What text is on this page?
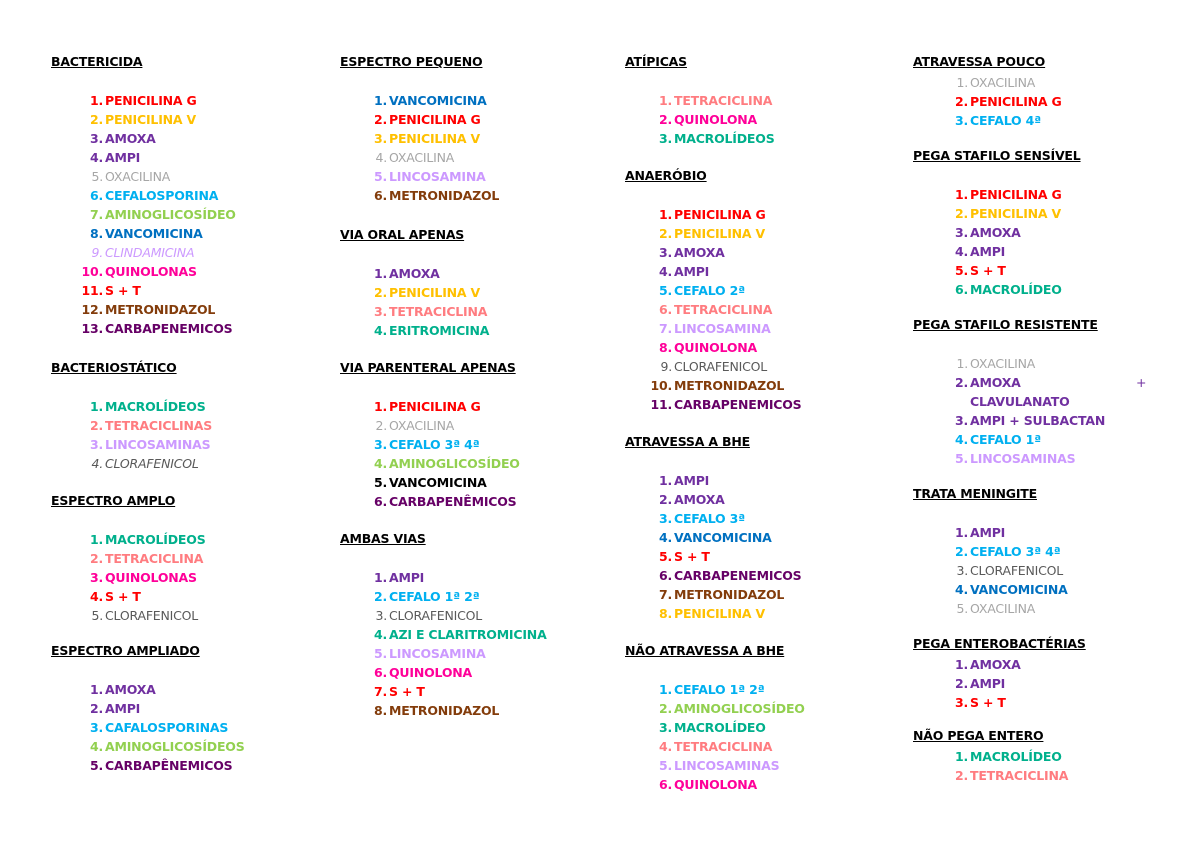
BACTERICIDA
1. PENICILINA G
2. PENICILINA V
3. AMOXA
4. AMPI
5. OXACILINA
6. CEFALOSPORINA
7. AMINOGLICOSÍDEO
8. VANCOMICINA
9. CLINDAMICINA
10. QUINOLONAS
11. S + T
12. METRONIDAZOL
13. CARBAPENEMICOS
BACTERIOSTÁTICO
1. MACROLÍDEOS
2. TETRACICLINAS
3. LINCOSAMINAS
4. CLORAFENICOL
ESPECTRO AMPLO
1. MACROLÍDEOS
2. TETRACICLINA
3. QUINOLONAS
4. S + T
5. CLORAFENICOL
ESPECTRO AMPLIADO
1. AMOXA
2. AMPI
3. CAFALOSPORINAS
4. AMINOGLICOSÍDEOS
5. CARBAPÊNEMICOS
ESPECTRO PEQUENO
1. VANCOMICINA
2. PENICILINA G
3. PENICILINA V
4. OXACILINA
5. LINCOSAMINA
6. METRONIDAZOL
VIA ORAL APENAS
1. AMOXA
2. PENICILINA V
3. TETRACICLINA
4. ERITROMICINA
VIA PARENTERAL APENAS
1. PENICILINA G
2. OXACILINA
3. CEFALO 3ª 4ª
4. AMINOGLICOSÍDEO
5. VANCOMICINA
6. CARBAPENÊMICOS
AMBAS VIAS
1. AMPI
2. CEFALO 1ª 2ª
3. CLORAFENICOL
4. AZI E CLARITROMICINA
5. LINCOSAMINA
6. QUINOLONA
7. S + T
8. METRONIDAZOL
ATÍPICAS
1. TETRACICLINA
2. QUINOLONA
3. MACROLÍDEOS
ANAERÓBIO
1. PENICILINA G
2. PENICILINA V
3. AMOXA
4. AMPI
5. CEFALO 2ª
6. TETRACICLINA
7. LINCOSAMINA
8. QUINOLONA
9. CLORAFENICOL
10. METRONIDAZOL
11. CARBAPENEMICOS
ATRAVESSA A BHE
1. AMPI
2. AMOXA
3. CEFALO 3ª
4. VANCOMICINA
5. S + T
6. CARBAPENEMICOS
7. METRONIDAZOL
8. PENICILINA V
NÃO ATRAVESSA A BHE
1. CEFALO 1ª 2ª
2. AMINOGLICOSÍDEO
3. MACROLÍDEO
4. TETRACICLINA
5. LINCOSAMINAS
6. QUINOLONA
ATRAVESSA POUCO
1. OXACILINA
2. PENICILINA G
3. CEFALO 4ª
PEGA STAFILO SENSÍVEL
1. PENICILINA G
2. PENICILINA V
3. AMOXA
4. AMPI
5. S + T
6. MACROLÍDEO
PEGA STAFILO RESISTENTE
1. OXACILINA
2. AMOXA	+
CLAVULANATO
3. AMPI + SULBACTAN
4. CEFALO 1ª
5. LINCOSAMINAS
TRATA MENINGITE
1. AMPI
2. CEFALO 3ª 4ª
3. CLORAFENICOL
4. VANCOMICINA
5. OXACILINA
PEGA ENTEROBACTÉRIAS
1. AMOXA
2. AMPI
3. S + T
NÃO PEGA ENTERO
1. MACROLÍDEO
2. TETRACICLINA
